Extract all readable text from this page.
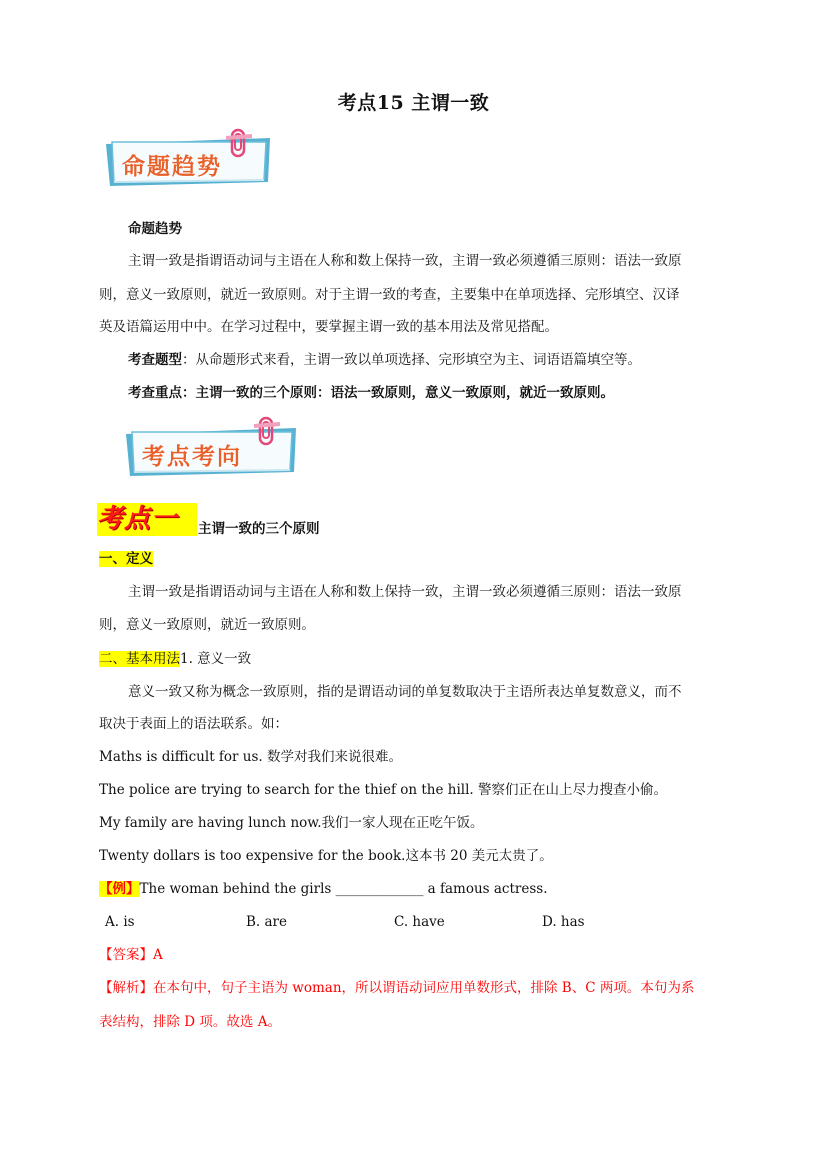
考点15 主谓一致
命题趋势
命题趋势
主谓一致是指谓语动词与主语在人称和数上保持一致，主谓一致必须遵循三原则：语法一致原
则，意义一致原则，就近一致原则。对于主谓一致的考查，主要集中在单项选择、完形填空、汉译
英及语篇运用中中。在学习过程中，要掌握主谓一致的基本用法及常见搭配。
考查题型：从命题形式来看，主谓一致以单项选择、完形填空为主、词语语篇填空等。
考查重点：主谓一致的三个原则：语法一致原则，意义一致原则，就近一致原则。
考点考向
考点一	主谓一致的三个原则
一、定义
主谓一致是指谓语动词与主语在人称和数上保持一致，主谓一致必须遵循三原则：语法一致原
则，意义一致原则，就近一致原则。
二、基本用法1. 意义一致
意义一致又称为概念一致原则，指的是谓语动词的单复数取决于主语所表达单复数意义，而不
取决于表面上的语法联系。如：
Maths is difficult for us. 数学对我们来说很难。
The police are trying to search for the thief on the hill. 警察们正在山上尽力搜查小偷。
My family are having lunch now.我们一家人现在正吃午饭。
Twenty dollars is too expensive for the book.这本书 20 美元太贵了。
【例】The woman behind the girls _____________ a famous actress.
A. is	B. are	C. have	D. has
【答案】A
【解析】在本句中，句子主语为 woman，所以谓语动词应用单数形式，排除 B、C 两项。本句为系
表结构，排除 D 项。故选 A。
